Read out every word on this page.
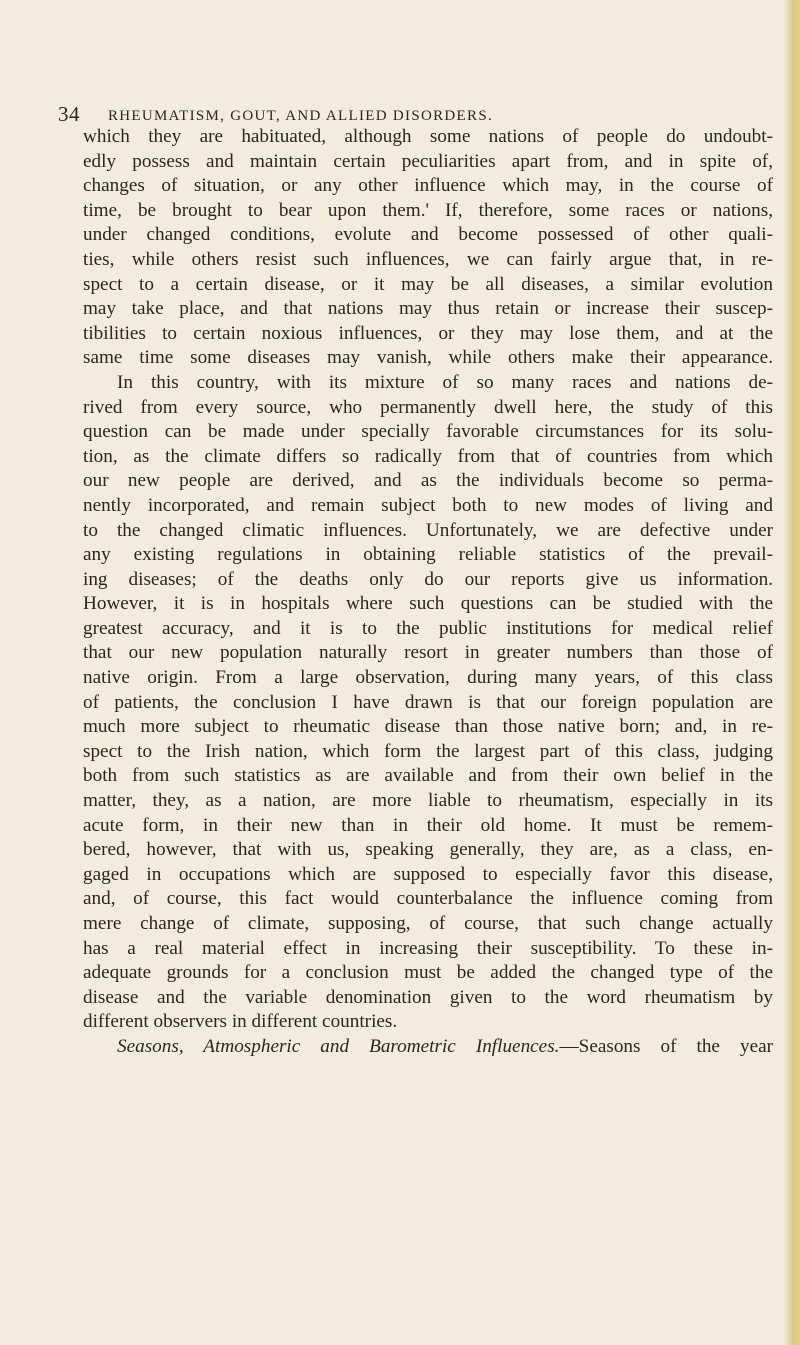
34 RHEUMATISM, GOUT, AND ALLIED DISORDERS.
which they are habituated, although some nations of people do undoubt-
edly possess and maintain certain peculiarities apart from, and in spite of,
changes of situation, or any other influence which may, in the course of
time, be brought to bear upon them.' If, therefore, some races or nations,
under changed conditions, evolute and become possessed of other quali-
ties, while others resist such influences, we can fairly argue that, in re-
spect to a certain disease, or it may be all diseases, a similar evolution
may take place, and that nations may thus retain or increase their suscep-
tibilities to certain noxious influences, or they may lose them, and at the
same time some diseases may vanish, while others make their appearance.
In this country, with its mixture of so many races and nations de-
rived from every source, who permanently dwell here, the study of this
question can be made under specially favorable circumstances for its solu-
tion, as the climate differs so radically from that of countries from which
our new people are derived, and as the individuals become so perma-
nently incorporated, and remain subject both to new modes of living and
to the changed climatic influences. Unfortunately, we are defective under
any existing regulations in obtaining reliable statistics of the prevail-
ing diseases; of the deaths only do our reports give us information.
However, it is in hospitals where such questions can be studied with the
greatest accuracy, and it is to the public institutions for medical relief
that our new population naturally resort in greater numbers than those of
native origin. From a large observation, during many years, of this class
of patients, the conclusion I have drawn is that our foreign population are
much more subject to rheumatic disease than those native born; and, in re-
spect to the Irish nation, which form the largest part of this class, judging
both from such statistics as are available and from their own belief in the
matter, they, as a nation, are more liable to rheumatism, especially in its
acute form, in their new than in their old home. It must be remem-
bered, however, that with us, speaking generally, they are, as a class, en-
gaged in occupations which are supposed to especially favor this disease,
and, of course, this fact would counterbalance the influence coming from
mere change of climate, supposing, of course, that such change actually
has a real material effect in increasing their susceptibility. To these in-
adequate grounds for a conclusion must be added the changed type of the
disease and the variable denomination given to the word rheumatism by
different observers in different countries.
Seasons, Atmospheric and Barometric Influences.—Seasons of the year
